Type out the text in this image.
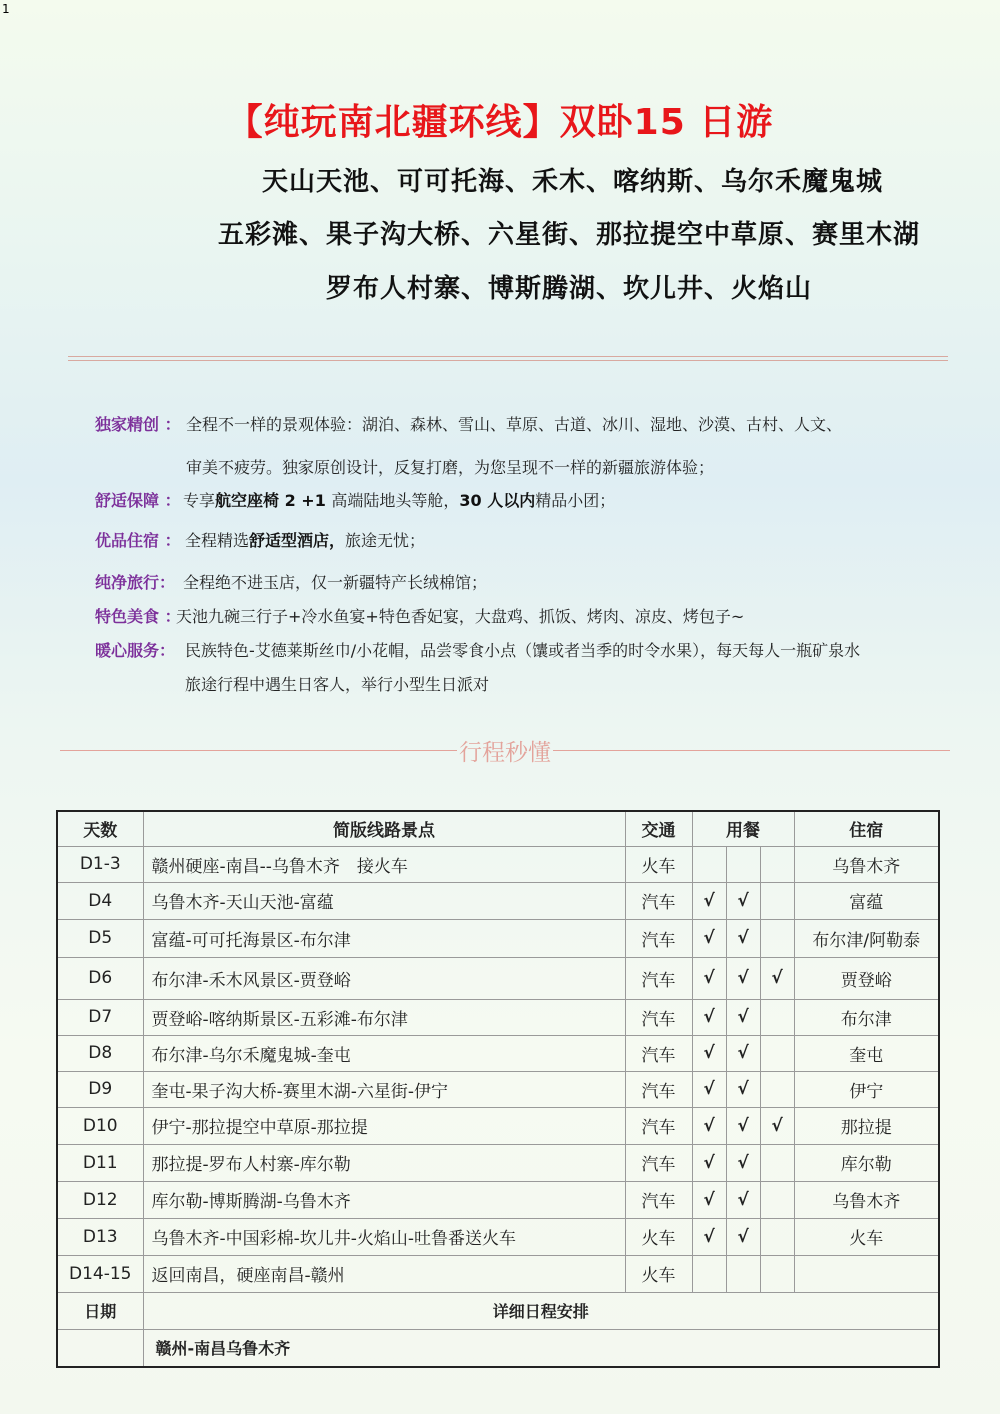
1
【纯玩南北疆环线】双卧15 日游
天山天池、可可托海、禾木、喀纳斯、乌尔禾魔鬼城
五彩滩、果子沟大桥、六星街、那拉提空中草原、赛里木湖
罗布人村寨、博斯腾湖、坎儿井、火焰山
独家精创 ： 全程不一样的景观体验：湖泊、森林、雪山、草原、古道、冰川、湿地、沙漠、古村、人文、
审美不疲劳。独家原创设计，反复打磨，为您呈现不一样的新疆旅游体验；
舒适保障 ： 专享航空座椅 2 +1 高端陆地头等舱，30 人以内精品小团；
优品住宿 ： 全程精选舒适型酒店，旅途无忧；
纯净旅行： 全程绝不进玉店，仅一新疆特产长绒棉馆；
特色美食 ：
天池九碗三行子+冷水鱼宴+特色香妃宴，大盘鸡、抓饭、烤肉、凉皮、烤包子~
暖心服务： 民族特色-艾德莱斯丝巾/小花帽，品尝零食小点（馕或者当季的时令水果），每天每人一瓶矿泉水
旅途行程中遇生日客人，举行小型生日派对
行程秒懂
天数	简版线路景点	交通	用餐			住宿
D1-3	赣州硬座-南昌--乌鲁木齐　接火车	火车				乌鲁木齐
D4	乌鲁木齐-天山天池-富蕴	汽车	√	√		富蕴
D5	富蕴-可可托海景区-布尔津	汽车	√	√		布尔津/阿勒泰
D6	布尔津-禾木风景区-贾登峪	汽车	√	√	√	贾登峪
D7	贾登峪-喀纳斯景区-五彩滩-布尔津	汽车	√	√		布尔津
D8	布尔津-乌尔禾魔鬼城-奎屯	汽车	√	√		奎屯
D9	奎屯-果子沟大桥-赛里木湖-六星街-伊宁	汽车	√	√		伊宁
D10	伊宁-那拉提空中草原-那拉提	汽车	√	√	√	那拉提
D11	那拉提-罗布人村寨-库尔勒	汽车	√	√		库尔勒
D12	库尔勒-博斯腾湖-乌鲁木齐	汽车	√	√		乌鲁木齐
D13	乌鲁木齐-中国彩棉-坎儿井-火焰山-吐鲁番送火车	火车	√	√		火车
D14-15	返回南昌，硬座南昌-赣州	火车				
日期	详细日程安排					
	赣州-南昌乌鲁木齐					
